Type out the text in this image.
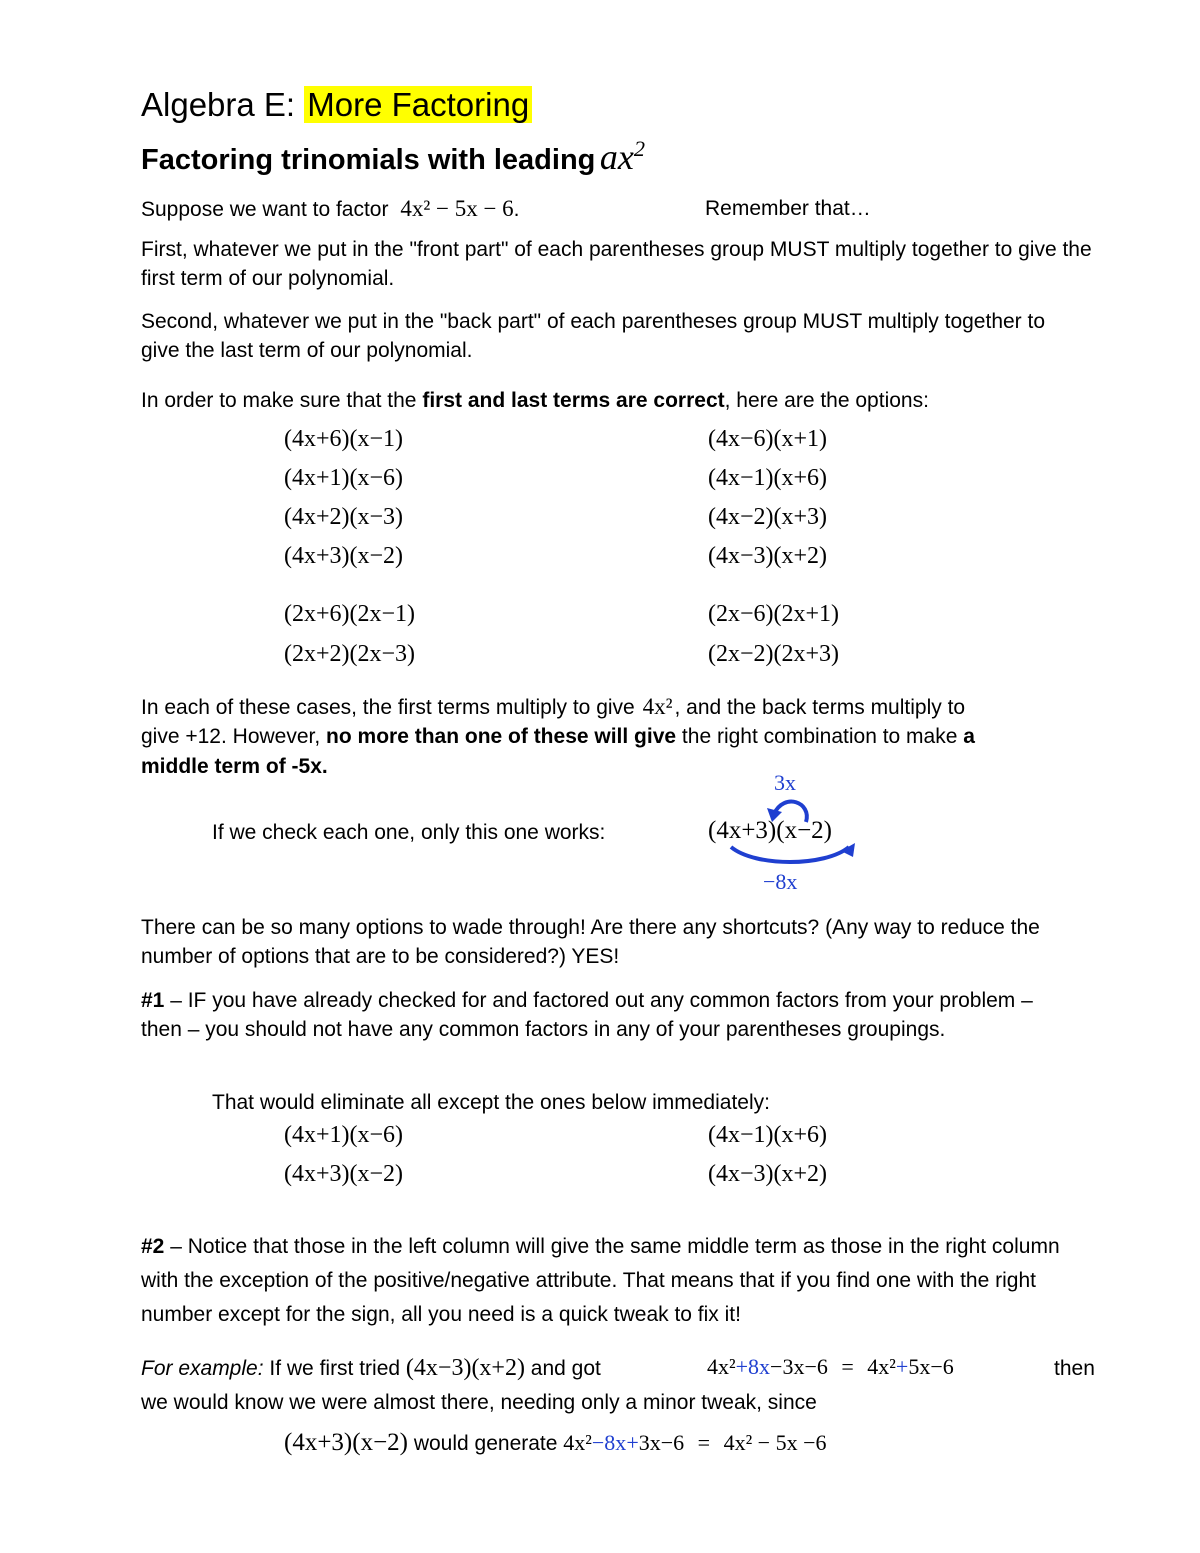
Algebra E: More Factoring
Factoring trinomials with leading $ax^2$
Suppose we want to factor 4x² − 5x − 6.	Remember that…
First, whatever we put in the "front part" of each parentheses group MUST multiply together to give the first term of our polynomial.
Second, whatever we put in the "back part" of each parentheses group MUST multiply together to give the last term of our polynomial.
In order to make sure that the first and last terms are correct, here are the options:
(4x+6)(x−1)	(4x−6)(x+1)
(4x+1)(x−6)	(4x−1)(x+6)
(4x+2)(x−3)	(4x−2)(x+3)
(4x+3)(x−2)	(4x−3)(x+2)
(2x+6)(2x−1)	(2x−6)(2x+1)
(2x+2)(2x−3)	(2x−2)(2x+3)
In each of these cases, the first terms multiply to give 4x², and the back terms multiply to
give +12. However, no more than one of these will give the right combination to make a
middle term of -5x.
If we check each one, only this one works:
3x
(4x+3)(x−2)
−8x
There can be so many options to wade through! Are there any shortcuts? (Any way to reduce the number of options that are to be considered?) YES!
#1 – IF you have already checked for and factored out any common factors from your problem – then – you should not have any common factors in any of your parentheses groupings.
That would eliminate all except the ones below immediately:
(4x+1)(x−6)	(4x−1)(x+6)
(4x+3)(x−2)	(4x−3)(x+2)
#2 – Notice that those in the left column will give the same middle term as those in the right column with the exception of the positive/negative attribute. That means that if you find one with the right number except for the sign, all you need is a quick tweak to fix it!
For example: If we first tried (4x−3)(x+2) and got	4x²+8x−3x−6 = 4x²+5x−6	then
we would know we were almost there, needing only a minor tweak, since
(4x+3)(x−2) would generate 4x²−8x+3x−6 = 4x² − 5x −6
